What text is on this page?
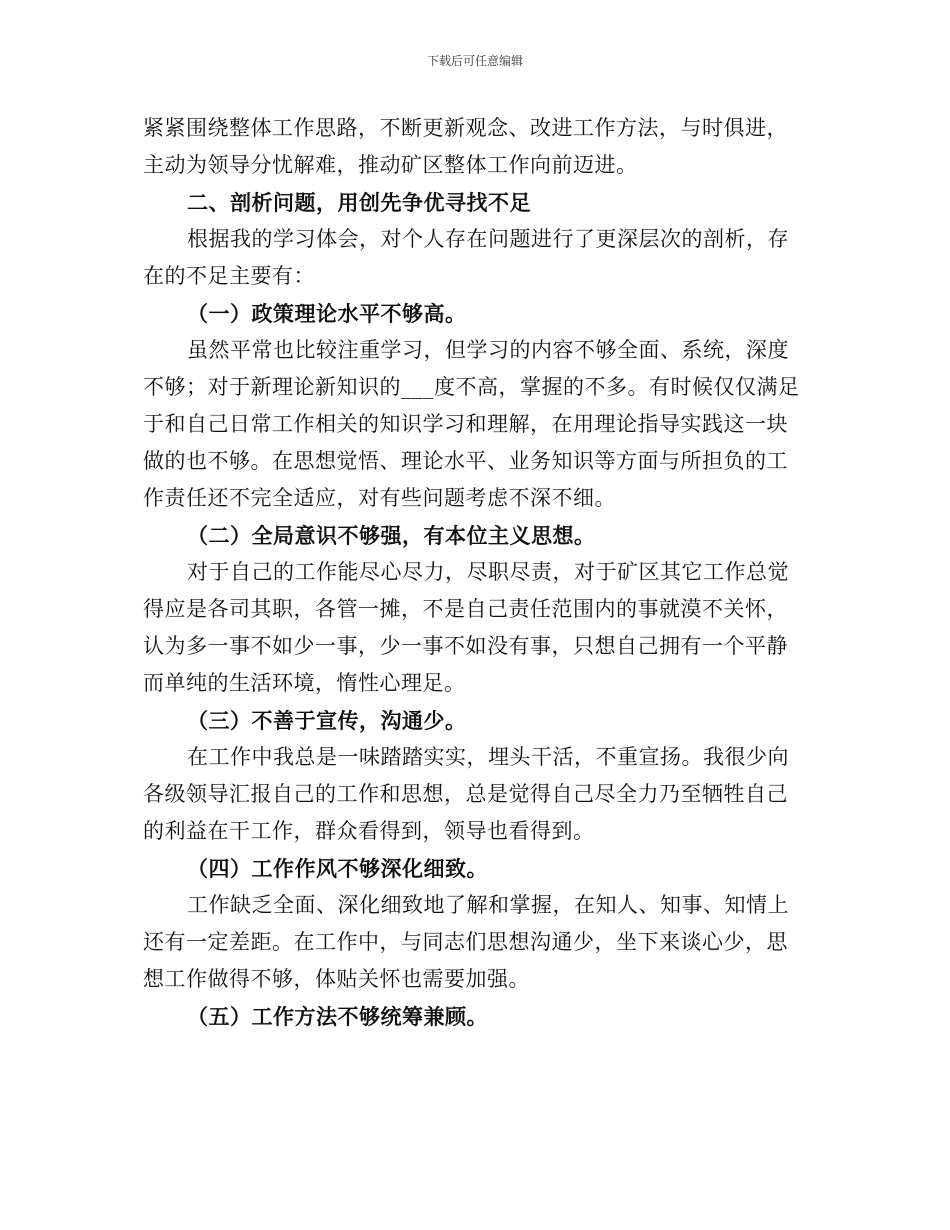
下载后可任意编辑

紧紧围绕整体工作思路，不断更新观念、改进工作方法，与时俱进，
主动为领导分忧解难，推动矿区整体工作向前迈进。

二、剖析问题，用创先争优寻找不足

根据我的学习体会，对个人存在问题进行了更深层次的剖析，存
在的不足主要有：

（一）政策理论水平不够高。

虽然平常也比较注重学习，但学习的内容不够全面、系统，深度
不够；对于新理论新知识的___度不高，掌握的不多。有时候仅仅满足
于和自己日常工作相关的知识学习和理解，在用理论指导实践这一块
做的也不够。在思想觉悟、理论水平、业务知识等方面与所担负的工
作责任还不完全适应，对有些问题考虑不深不细。

（二）全局意识不够强，有本位主义思想。

对于自己的工作能尽心尽力，尽职尽责，对于矿区其它工作总觉
得应是各司其职，各管一摊，不是自己责任范围内的事就漠不关怀，
认为多一事不如少一事，少一事不如没有事，只想自己拥有一个平静
而单纯的生活环境，惰性心理足。

（三）不善于宣传，沟通少。

在工作中我总是一味踏踏实实，埋头干活，不重宣扬。我很少向
各级领导汇报自己的工作和思想，总是觉得自己尽全力乃至牺牲自己
的利益在干工作，群众看得到，领导也看得到。

（四）工作作风不够深化细致。

工作缺乏全面、深化细致地了解和掌握，在知人、知事、知情上
还有一定差距。在工作中，与同志们思想沟通少，坐下来谈心少，思
想工作做得不够，体贴关怀也需要加强。

（五）工作方法不够统筹兼顾。
